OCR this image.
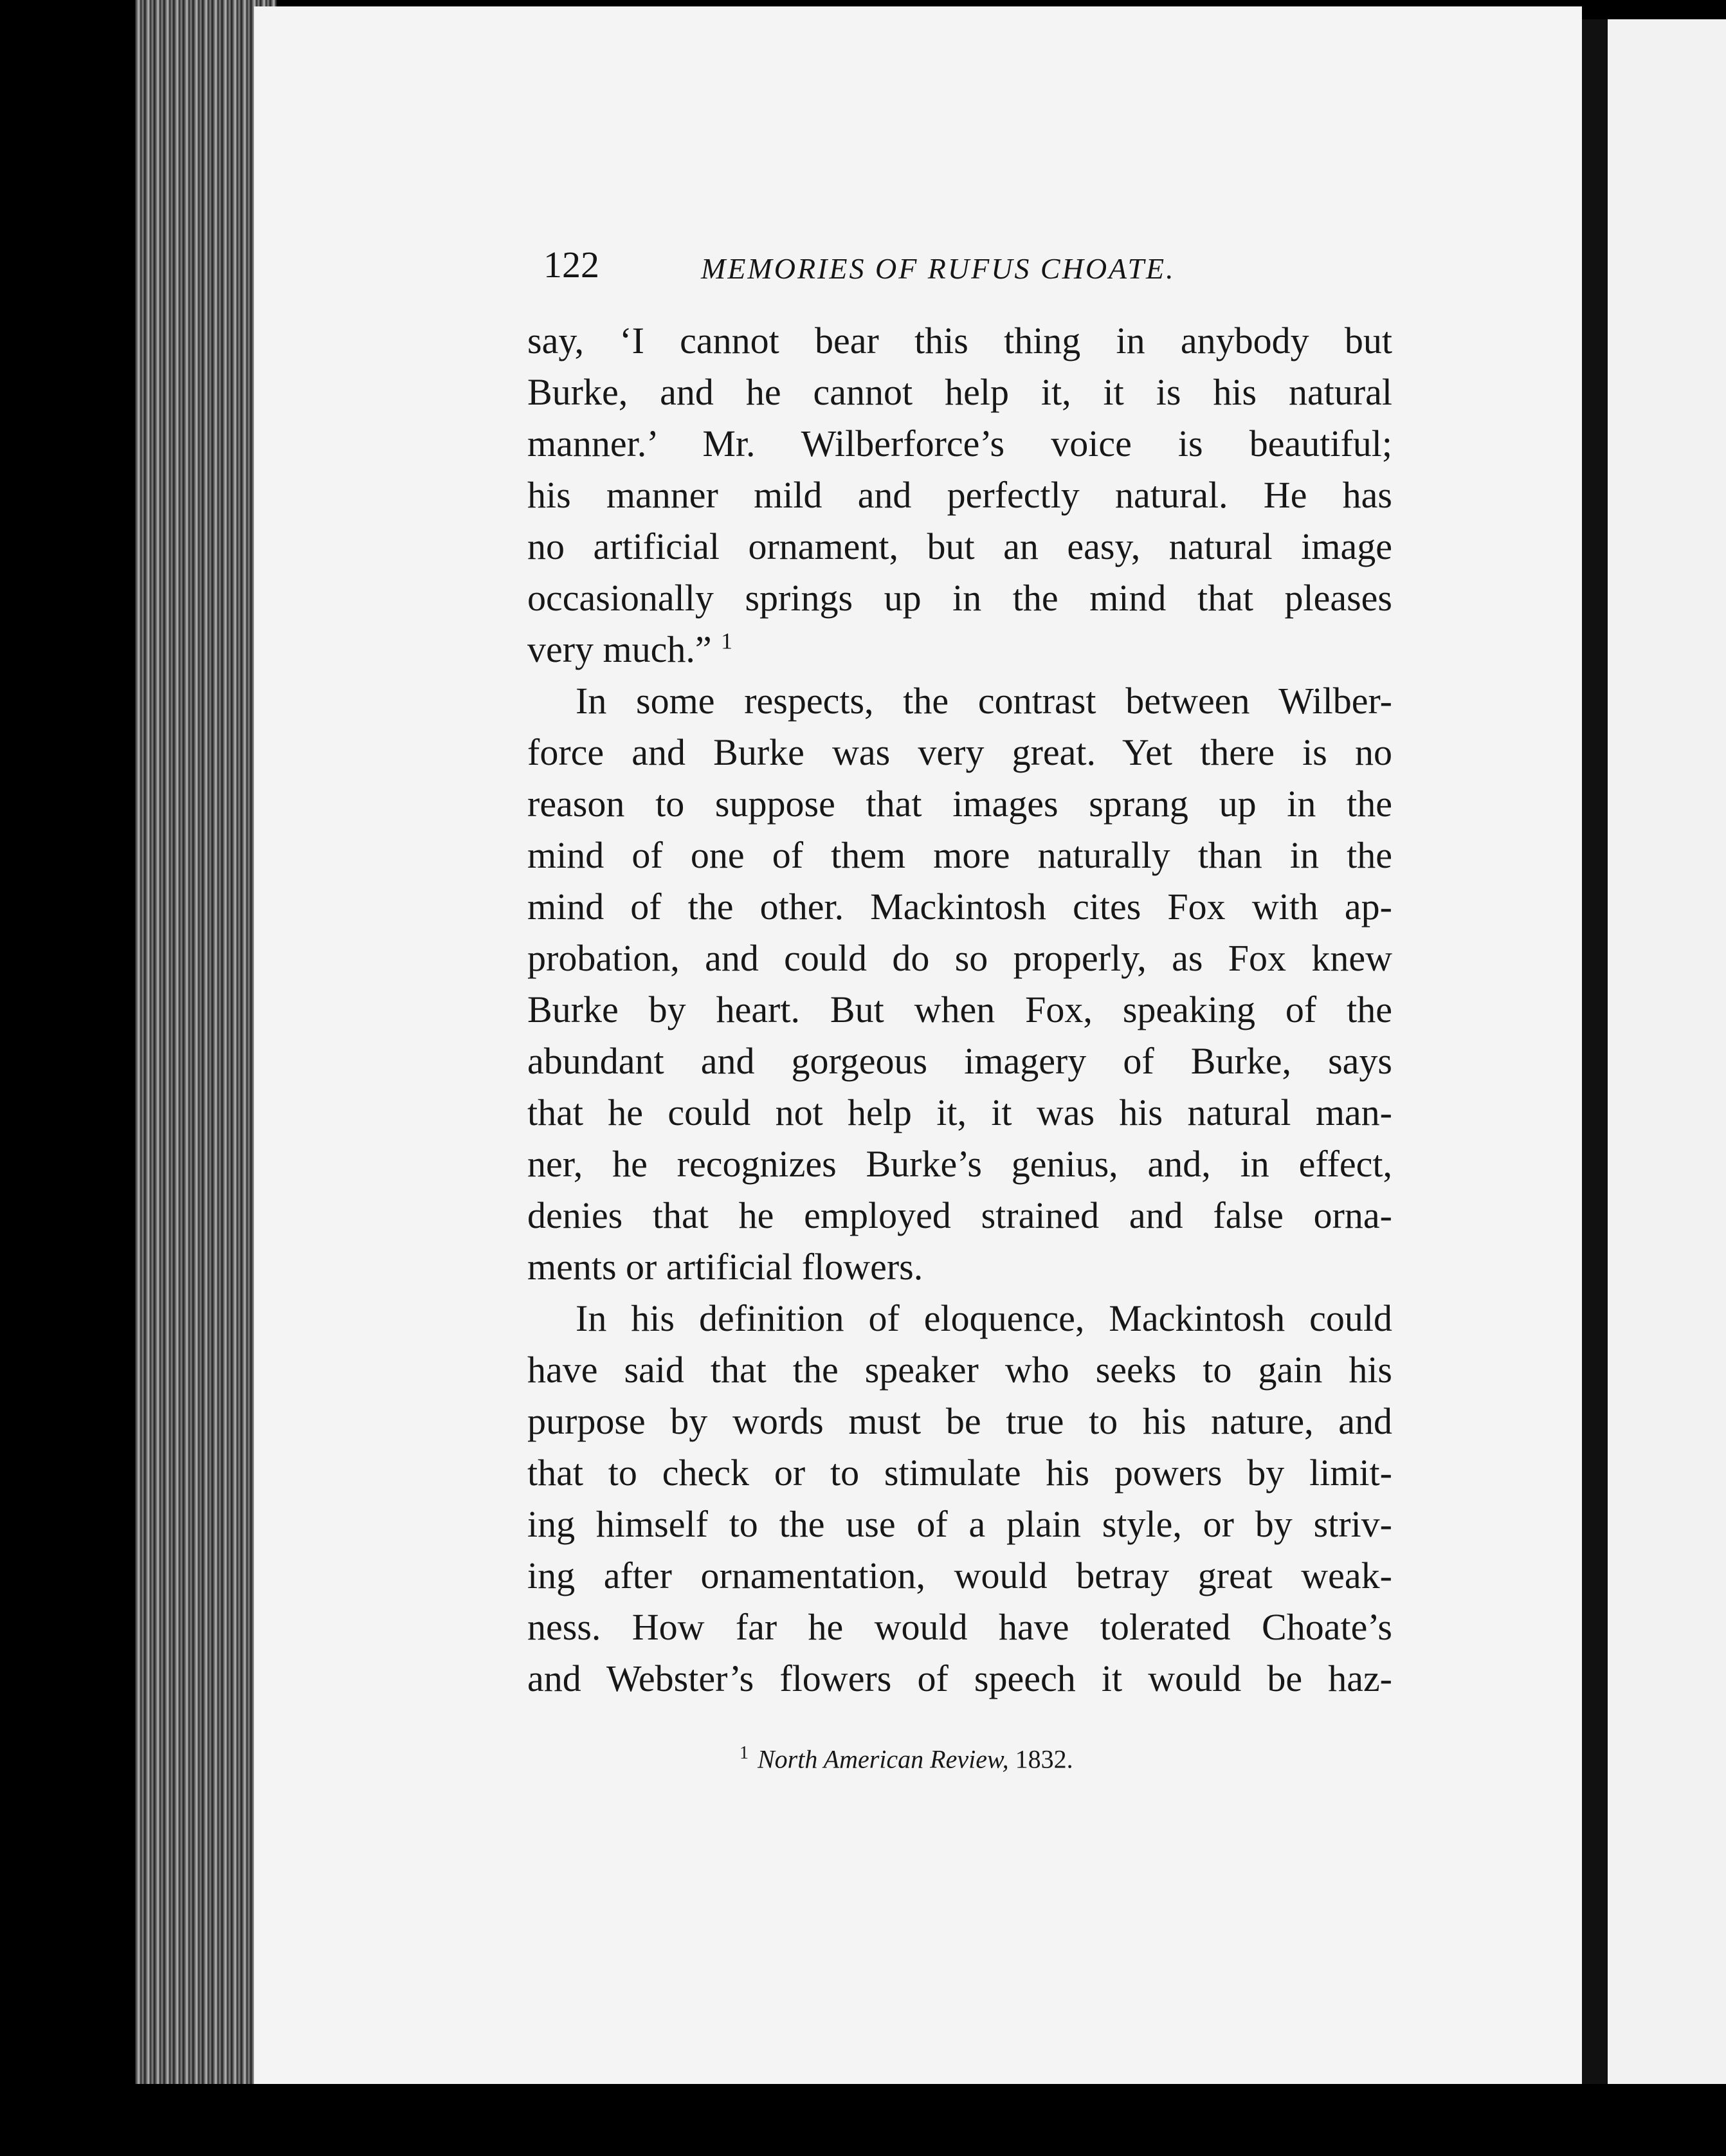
122	MEMORIES OF RUFUS CHOATE.
say, ‘I cannot bear this thing in anybody but
Burke, and he cannot help it, it is his natural
manner.’ Mr. Wilberforce’s voice is beautiful;
his manner mild and perfectly natural. He has
no artificial ornament, but an easy, natural image
occasionally springs up in the mind that pleases
very much.” $^1$
In some respects, the contrast between Wilber-
force and Burke was very great. Yet there is no
reason to suppose that images sprang up in the
mind of one of them more naturally than in the
mind of the other. Mackintosh cites Fox with ap-
probation, and could do so properly, as Fox knew
Burke by heart. But when Fox, speaking of the
abundant and gorgeous imagery of Burke, says
that he could not help it, it was his natural man-
ner, he recognizes Burke’s genius, and, in effect,
denies that he employed strained and false orna-
ments or artificial flowers.
In his definition of eloquence, Mackintosh could
have said that the speaker who seeks to gain his
purpose by words must be true to his nature, and
that to check or to stimulate his powers by limit-
ing himself to the use of a plain style, or by striv-
ing after ornamentation, would betray great weak-
ness. How far he would have tolerated Choate’s
and Webster’s flowers of speech it would be haz-
$^1$ North American Review, 1832.
